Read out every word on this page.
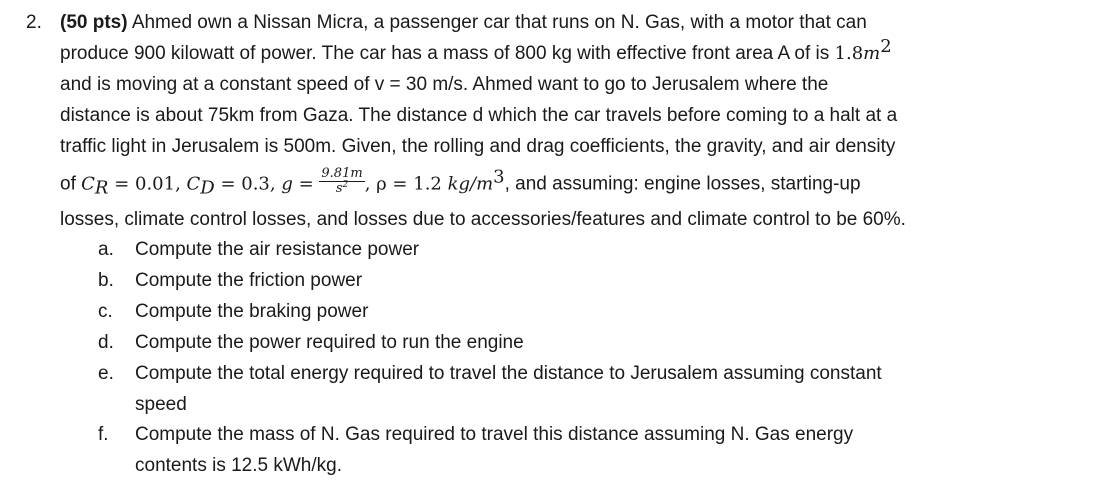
2. (50 pts) Ahmed own a Nissan Micra, a passenger car that runs on N. Gas, with a motor that can
produce 900 kilowatt of power. The car has a mass of 800 kg with effective front area A of is $1.8m^2$
and is moving at a constant speed of v = 30 m/s. Ahmed want to go to Jerusalem where the
distance is about 75km from Gaza. The distance d which the car travels before coming to a halt at a
traffic light in Jerusalem is 500m. Given, the rolling and drag coefficients, the gravity, and air density
of $C_R = 0.01$, $C_D = 0.3$, $g = \frac{9.81m}{s^2}$ , ρ = 1.2 $kg/m^3$, and assuming: engine losses, starting-up
losses, climate control losses, and losses due to accessories/features and climate control to be 60%.
a.	Compute the air resistance power
b.	Compute the friction power
c.	Compute the braking power
d.	Compute the power required to run the engine
e.	Compute the total energy required to travel the distance to Jerusalem assuming constant
speed
f.	Compute the mass of N. Gas required to travel this distance assuming N. Gas energy
contents is 12.5 kWh/kg.
